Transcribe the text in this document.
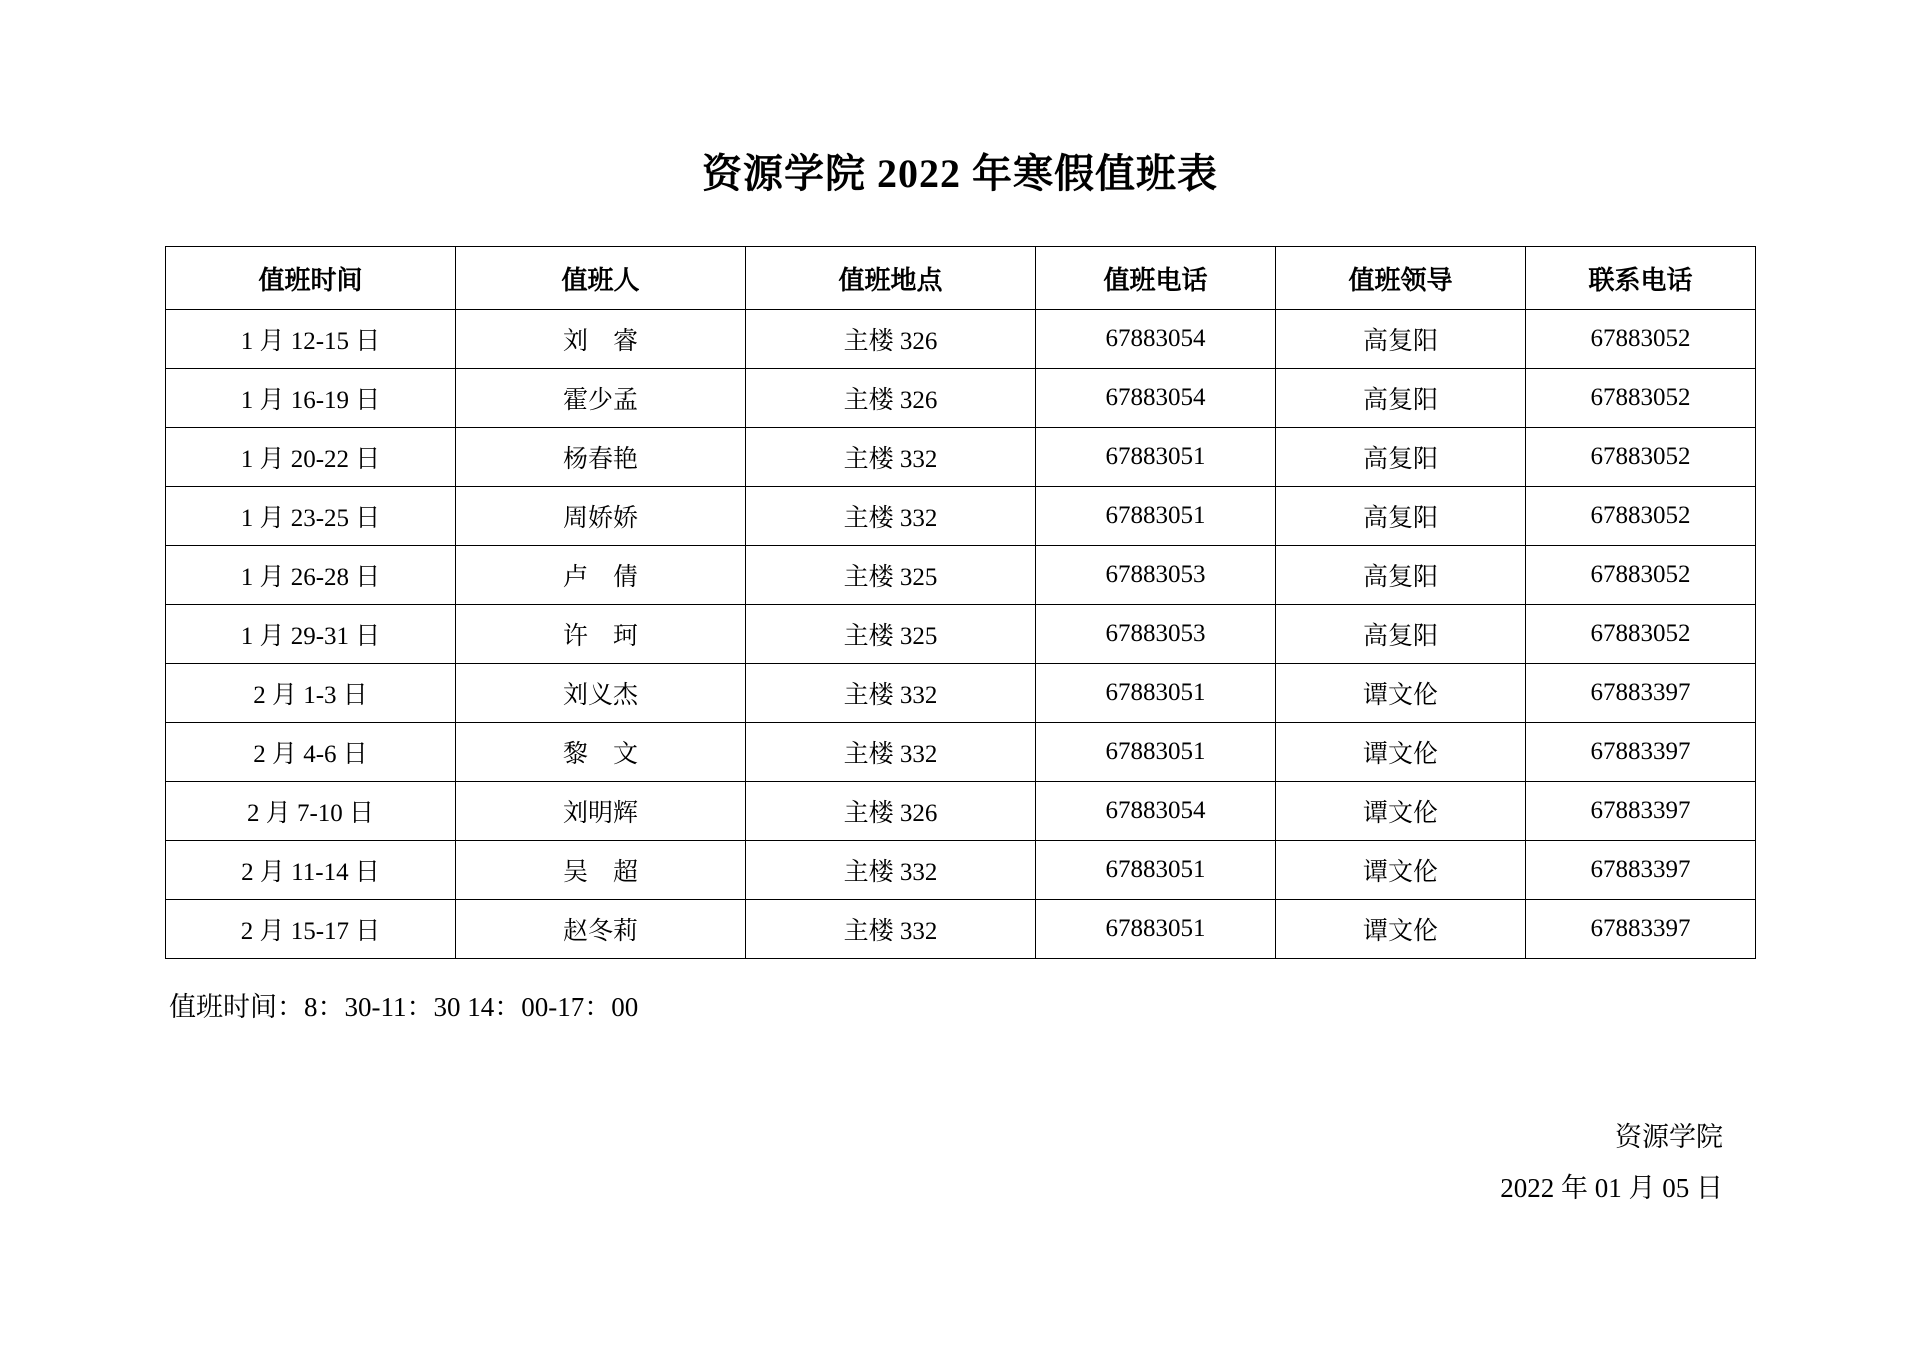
资源学院 2022 年寒假值班表
值班时间	值班人	值班地点	值班电话	值班领导	联系电话
1 月 12-15 日	刘　睿	主楼 326	67883054	高复阳	67883052
1 月 16-19 日	霍少孟	主楼 326	67883054	高复阳	67883052
1 月 20-22 日	杨春艳	主楼 332	67883051	高复阳	67883052
1 月 23-25 日	周娇娇	主楼 332	67883051	高复阳	67883052
1 月 26-28 日	卢　倩	主楼 325	67883053	高复阳	67883052
1 月 29-31 日	许　珂	主楼 325	67883053	高复阳	67883052
2 月 1-3 日	刘义杰	主楼 332	67883051	谭文伦	67883397
2 月 4-6 日	黎　文	主楼 332	67883051	谭文伦	67883397
2 月 7-10 日	刘明辉	主楼 326	67883054	谭文伦	67883397
2 月 11-14 日	吴　超	主楼 332	67883051	谭文伦	67883397
2 月 15-17 日	赵冬莉	主楼 332	67883051	谭文伦	67883397
值班时间：8：30-11：30 14：00-17：00
资源学院
2022 年 01 月 05 日
